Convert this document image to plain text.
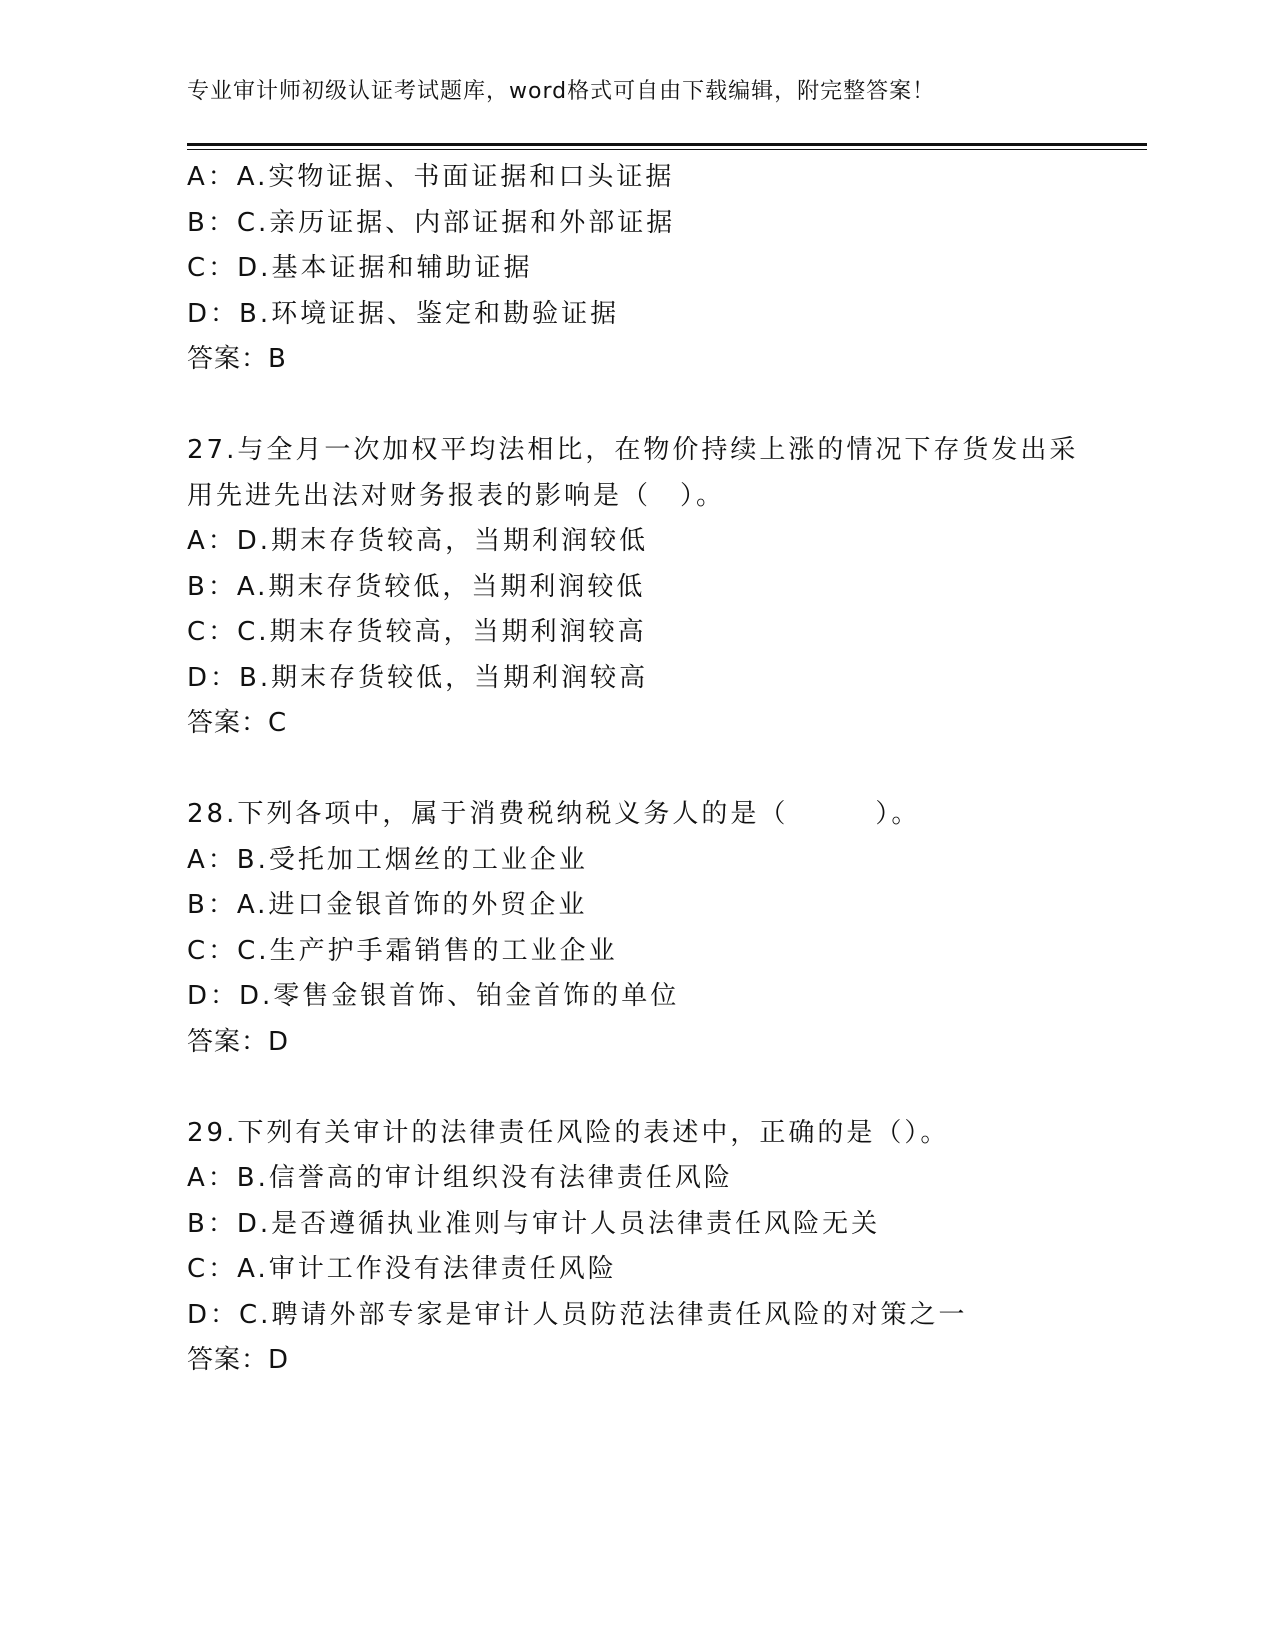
专业审计师初级认证考试题库，word格式可自由下载编辑，附完整答案！
A：A.实物证据、书面证据和口头证据
B：C.亲历证据、内部证据和外部证据
C：D.基本证据和辅助证据
D：B.环境证据、鉴定和勘验证据
答案：B
27.与全月一次加权平均法相比，在物价持续上涨的情况下存货发出采
用先进先出法对财务报表的影响是（　）。
A：D.期末存货较高，当期利润较低
B：A.期末存货较低，当期利润较低
C：C.期末存货较高，当期利润较高
D：B.期末存货较低，当期利润较高
答案：C
28.下列各项中，属于消费税纳税义务人的是（　　　）。
A：B.受托加工烟丝的工业企业
B：A.进口金银首饰的外贸企业
C：C.生产护手霜销售的工业企业
D：D.零售金银首饰、铂金首饰的单位
答案：D
29.下列有关审计的法律责任风险的表述中，正确的是（）。
A：B.信誉高的审计组织没有法律责任风险
B：D.是否遵循执业准则与审计人员法律责任风险无关
C：A.审计工作没有法律责任风险
D：C.聘请外部专家是审计人员防范法律责任风险的对策之一
答案：D
